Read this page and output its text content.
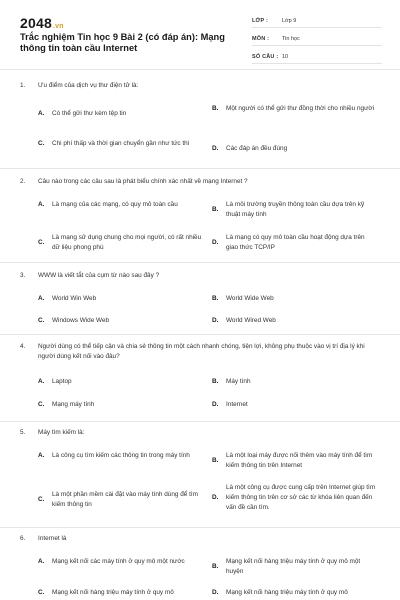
2048.vn
Trắc nghiệm Tin học 9 Bài 2 (có đáp án): Mạng thông tin toàn cầu Internet
LỚP :	Lớp 9
MÔN :	Tin học
SỐ CÂU : 10
1.	Ưu điểm của dịch vụ thư điện tử là:
A.	Có thể gửi thư kèm tệp tin
B.	Một người có thể gửi thư đồng thời cho nhiều người
C.	Chi phí thấp và thời gian chuyển gần như tức thì
D.	Các đáp án đều đúng
2.	Câu nào trong các câu sau là phát biểu chính xác nhất về mạng Internet ?
A.	Là mạng của các mạng, có quy mô toàn cầu
B.
Là môi trường truyền thông toàn cầu dựa trên kỹ thuật máy tính
C.
Là mạng sử dụng chung cho mọi người, có rất nhiều dữ liệu phong phú
D.
Là mạng có quy mô toàn cầu hoạt động dựa trên giao thức TCP/IP
3.	WWW là viết tắt của cụm từ nào sau đây ?
A.	World Win Web	B.	World Wide Web
C.	Windows Wide Web	D.	World Wired Web
4.	Người dùng có thể tiếp cận và chia sẻ thông tin một cách nhanh chóng, tiện lợi, không phụ thuộc vào vị trí địa lý khi người dùng kết nối vào đâu?
A.	Laptop	B.	Máy tính
C.	Mạng máy tính	D.	Internet
5.	Máy tìm kiếm là:
A.	Là công cụ tìm kiếm các thông tin trong máy tính
B.
Là một loại máy được nối thêm vào máy tính để tìm kiếm thông tin trên Internet
C.
Là một phần mềm cài đặt vào máy tính dùng để tìm kiếm thông tin
D.
Là một công cụ được cung cấp trên Internet giúp tìm kiếm thông tin trên cơ sở các từ khóa liên quan đến vấn đề cần tìm.
6.	Internet là
A.	Mạng kết nối các máy tính ở quy mô một nước
B.
Mạng kết nối hàng triệu máy tính ở quy mô một huyện
C.	Mạng kết nối hàng triệu máy tính ở quy mô	D.	Mạng kết nối hàng triệu máy tính ở quy mô
